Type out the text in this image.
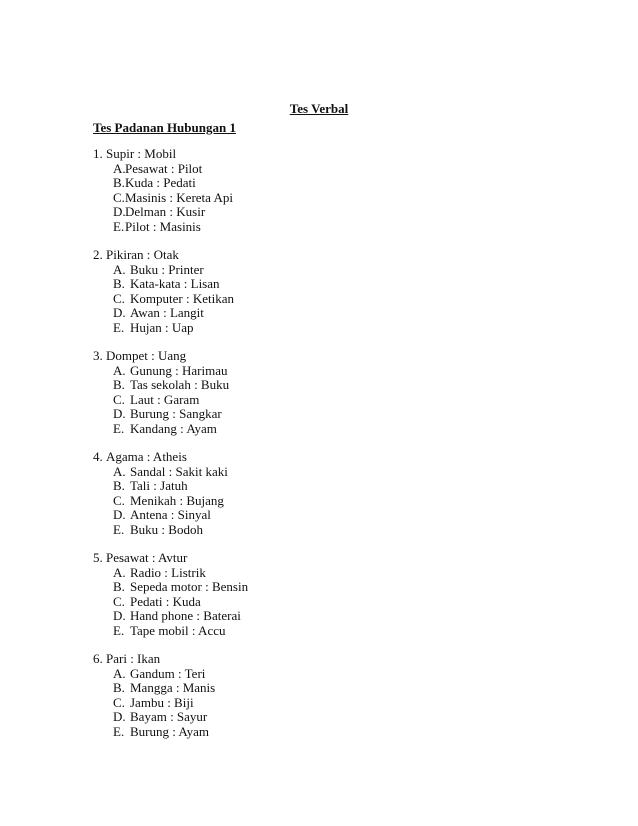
Tes Verbal
Tes Padanan Hubungan 1
1. Supir : Mobil
A. Pesawat : Pilot
B. Kuda : Pedati
C. Masinis : Kereta Api
D. Delman : Kusir
E. Pilot : Masinis
2. Pikiran : Otak
A. Buku : Printer
B. Kata-kata : Lisan
C. Komputer : Ketikan
D. Awan : Langit
E. Hujan : Uap
3. Dompet : Uang
A. Gunung : Harimau
B. Tas sekolah : Buku
C. Laut : Garam
D. Burung : Sangkar
E. Kandang : Ayam
4. Agama : Atheis
A. Sandal : Sakit kaki
B. Tali : Jatuh
C. Menikah : Bujang
D. Antena : Sinyal
E. Buku : Bodoh
5. Pesawat : Avtur
A. Radio : Listrik
B. Sepeda motor : Bensin
C. Pedati : Kuda
D. Hand phone : Baterai
E. Tape mobil : Accu
6. Pari : Ikan
A. Gandum : Teri
B. Mangga : Manis
C. Jambu : Biji
D. Bayam : Sayur
E. Burung : Ayam
